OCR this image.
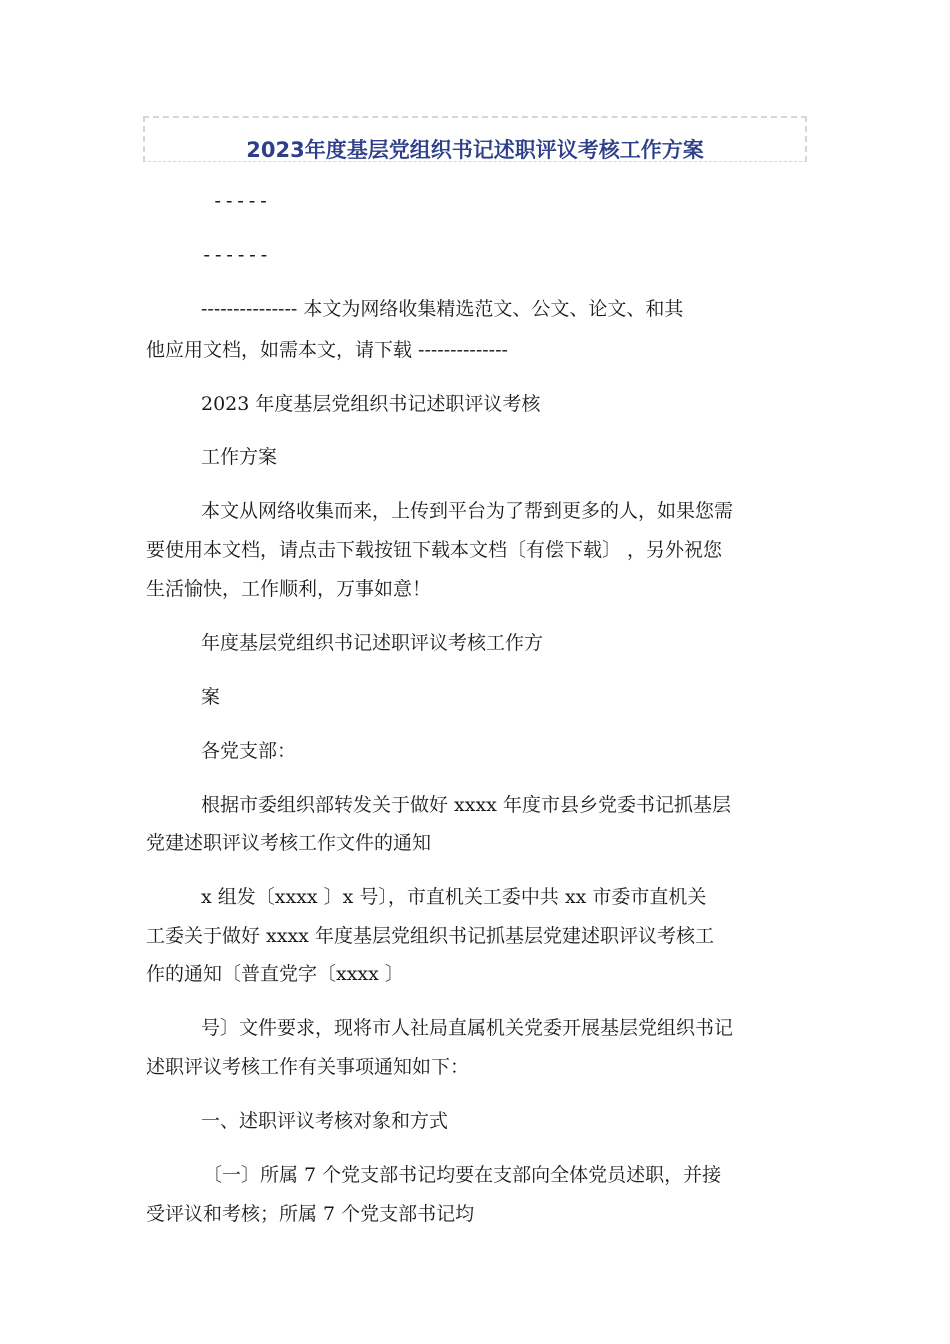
2023年度基层党组织书记述职评议考核工作方案
-----
------
--------------- 本文为网络收集精选范文、公文、论文、和其
他应用文档，如需本文，请下载 --------------
2023 年度基层党组织书记述职评议考核
工作方案
本文从网络收集而来，上传到平台为了帮到更多的人，如果您需
要使用本文档，请点击下载按钮下载本文档〔有偿下载〕 ，另外祝您
生活愉快，工作顺利，万事如意！
年度基层党组织书记述职评议考核工作方
案
各党支部：
根据市委组织部转发关于做好 xxxx 年度市县乡党委书记抓基层
党建述职评议考核工作文件的通知
x 组发〔xxxx 〕x 号〕，市直机关工委中共 xx 市委市直机关
工委关于做好 xxxx 年度基层党组织书记抓基层党建述职评议考核工
作的通知〔普直党字〔xxxx 〕
号〕文件要求，现将市人社局直属机关党委开展基层党组织书记
述职评议考核工作有关事项通知如下：
一、述职评议考核对象和方式
〔一〕所属 7 个党支部书记均要在支部向全体党员述职，并接
受评议和考核；所属 7 个党支部书记均
